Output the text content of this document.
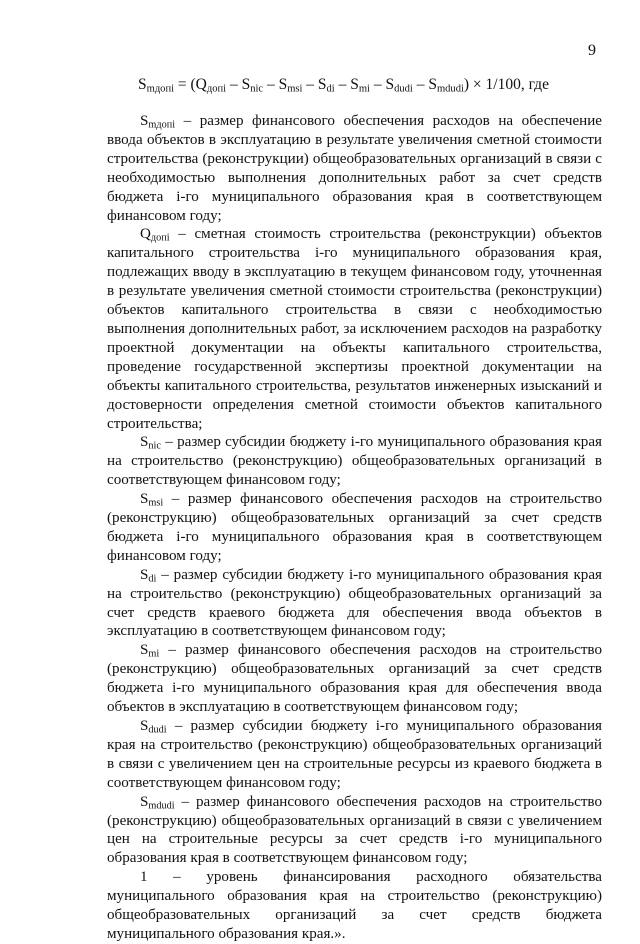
9
$S_{mдопi} = (Q_{допi} - S_{nic} - S_{msi} - S_{di} - S_{mi} - S_{dudi} - S_{mdudi}) \times 1/100$, где

$S_{mдопi}$ – размер финансового обеспечения расходов на обеспечение ввода объектов в эксплуатацию в результате увеличения сметной стоимости строительства (реконструкции) общеобразовательных организаций в связи с необходимостью выполнения дополнительных работ за счет средств бюджета i-го муниципального образования края в соответствующем финансовом году;

$Q_{допi}$ – сметная стоимость строительства (реконструкции) объектов капитального строительства i-го муниципального образования края, подлежащих вводу в эксплуатацию в текущем финансовом году, уточненная в результате увеличения сметной стоимости строительства (реконструкции) объектов капитального строительства в связи с необходимостью выполнения дополнительных работ, за исключением расходов на разработку проектной документации на объекты капитального строительства, проведение государственной экспертизы проектной документации на объекты капитального строительства, результатов инженерных изысканий и достоверности определения сметной стоимости объектов капитального строительства;

$S_{nic}$ – размер субсидии бюджету i-го муниципального образования края на строительство (реконструкцию) общеобразовательных организаций в соответствующем финансовом году;

$S_{msi}$ – размер финансового обеспечения расходов на строительство (реконструкцию) общеобразовательных организаций за счет средств бюджета i-го муниципального образования края в соответствующем финансовом году;

$S_{di}$ – размер субсидии бюджету i-го муниципального образования края на строительство (реконструкцию) общеобразовательных организаций за счет средств краевого бюджета для обеспечения ввода объектов в эксплуатацию в соответствующем финансовом году;

$S_{mi}$ – размер финансового обеспечения расходов на строительство (реконструкцию) общеобразовательных организаций за счет средств бюджета i-го муниципального образования края для обеспечения ввода объектов в эксплуатацию в соответствующем финансовом году;

$S_{dudi}$ – размер субсидии бюджету i-го муниципального образования края на строительство (реконструкцию) общеобразовательных организаций в связи с увеличением цен на строительные ресурсы из краевого бюджета в соответствующем финансовом году;

$S_{mdudi}$ – размер финансового обеспечения расходов на строительство (реконструкцию) общеобразовательных организаций в связи с увеличением цен на строительные ресурсы за счет средств i-го муниципального образования края в соответствующем финансовом году;

1 – уровень финансирования расходного обязательства муниципального образования края на строительство (реконструкцию) общеобразовательных организаций за счет средств бюджета муниципального образования края.».
